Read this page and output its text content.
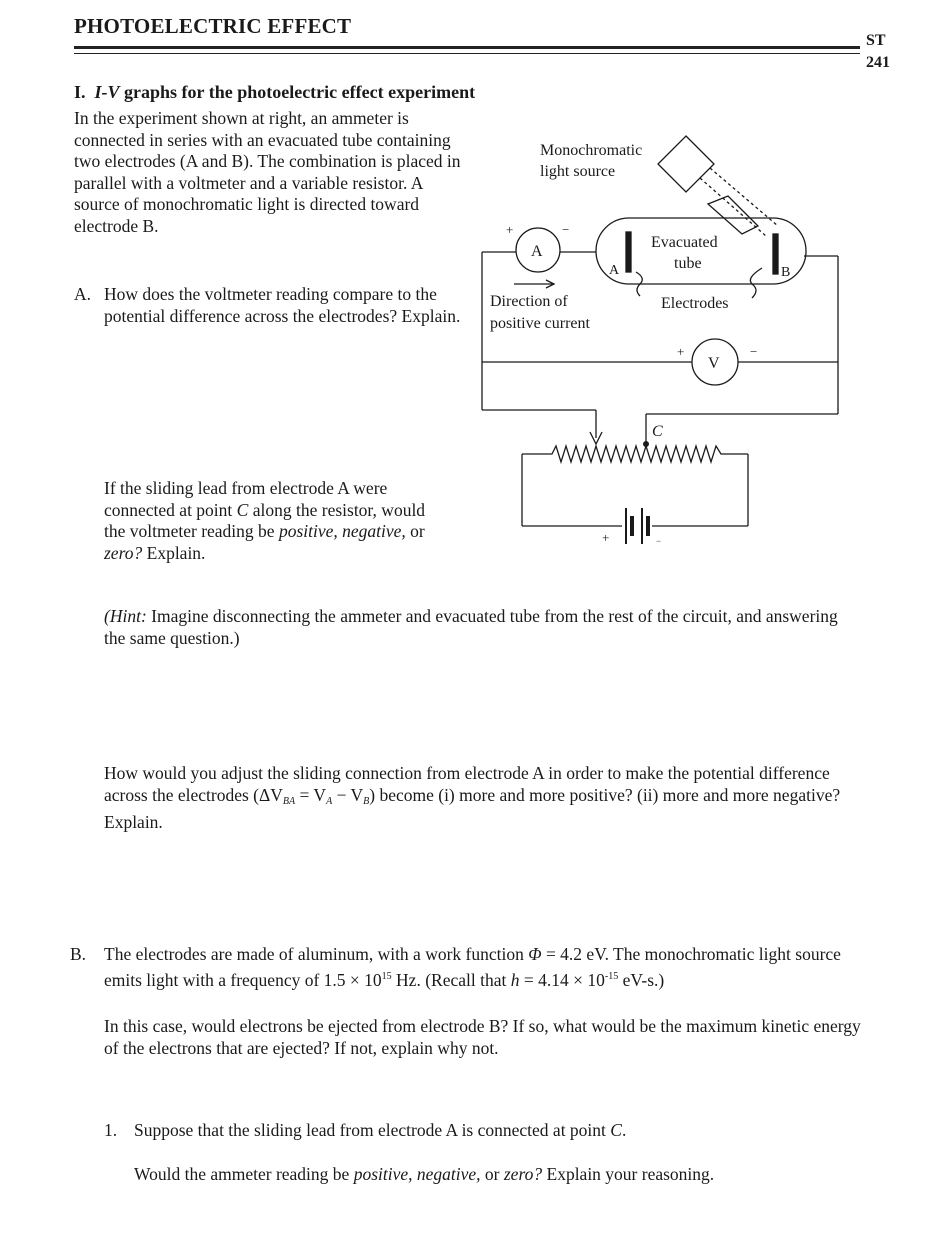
PHOTOELECTRIC EFFECT
ST
241
I. I-V graphs for the photoelectric effect experiment
In the experiment shown at right, an ammeter is connected in series with an evacuated tube containing two electrodes (A and B). The combination is placed in parallel with a voltmeter and a variable resistor. A source of monochromatic light is directed toward electrode B.
A. How does the voltmeter reading compare to the potential difference across the electrodes? Explain.
If the sliding lead from electrode A were connected at point C along the resistor, would the voltmeter reading be positive, negative, or zero? Explain.
(Hint: Imagine disconnecting the ammeter and evacuated tube from the rest of the circuit, and answering the same question.)
How would you adjust the sliding connection from electrode A in order to make the potential difference across the electrodes $(\Delta V_{BA} = V_A - V_B)$ become (i) more and more positive? (ii) more and more negative? Explain.
B. The electrodes are made of aluminum, with a work function Φ = 4.2 eV. The monochromatic light source emits light with a frequency of $1.5 \times 10^{15}$ Hz. (Recall that $h = 4.14 \times 10^{-15}$ eV-s.)
In this case, would electrons be ejected from electrode B? If so, what would be the maximum kinetic energy of the electrons that are ejected? If not, explain why not.
1. Suppose that the sliding lead from electrode A is connected at point C.
Would the ammeter reading be positive, negative, or zero? Explain your reasoning.
Monochromatic
light source
A
+	−
Evacuated
tube
A	B
Direction of
positive current
Electrodes
V
+	−
C
+	−
